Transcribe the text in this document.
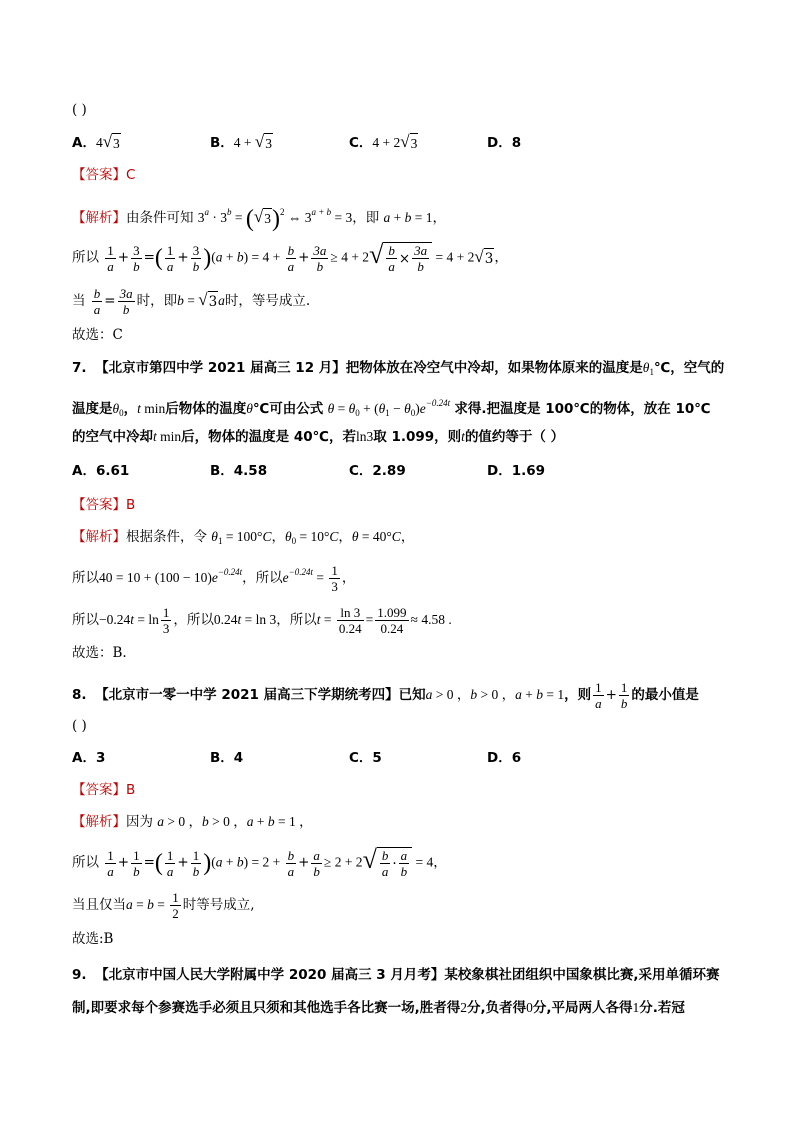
( )
A．4 √ 3	B．4 + √ 3	C．4 + 2 √ 3	D．8
【答案】C
【解析】由条件可知 $3^a \cdot 3^b$ = ( √ 3 )$^2$ ⇔ $3^{a + b} = 3$，即 a + b = 1，
所以 $\frac{1}{a} + \frac{3}{b}$ =( $\frac{1}{a} + \frac{3}{b} )(a + b) = 4 + \frac{b}{a} + \frac{3a}{b} \ge 4 + 2$ √ $\frac{b}{a} \times \frac{3a}{b} = 4 + 2$ √ 3 ，
当 $\frac{b}{a} = \frac{3a}{b}$ 时，即b = √ 3 a时，等号成立.
故选：C
7. 【北京市第四中学 2021 届高三 12 月】把物体放在冷空气中冷却，如果物体原来的温度是$\theta_1℃$，空气的
温度是$\theta_0$，t min后物体的温度θ℃可由公式 $\theta = \theta_0 + (\theta_1 - \theta_0)e^{-0.24t}$ 求得.把温度是 100℃的物体，放在 10℃
的空气中冷却t min后，物体的温度是 40℃，若ln3取 1.099，则t的值约等于（ ）
A．6.61	B．4.58	C．2.89	D．1.69
【答案】B
【解析】根据条件，令 $\theta_1 = 100^\circ C$，$\theta_0 = 10^\circ C$，θ = 40°C，
所以$40 = 10 + (100 - 10)e^{-0.24t}$，所以$e^{-0.24t} = \frac{1}{3}$ ，
所以$-0.24t = \ln \frac{1}{3}$ ，所以0.24t = ln 3，所以$t = \frac{\ln 3}{0.24} = \frac{1.099}{0.24} \approx 4.58$ .
故选：B.
8. 【北京市一零一中学 2021 届高三下学期统考四】已知a > 0 ，b > 0 ，a + b = 1，则 $\frac{1}{a} + \frac{1}{b}$ 的最小值是
( )
A．3	B．4	C．5	D．6
【答案】B
【解析】因为 a > 0 ，b > 0 ，a + b = 1 ，
所以 $\frac{1}{a} + \frac{1}{b}$ =( $\frac{1}{a} + \frac{1}{b} )(a + b) = 2 + \frac{b}{a} + \frac{a}{b} \ge 2 + 2$ √ $\frac{b}{a} \cdot \frac{a}{b} = 4$，
当且仅当$a = b = \frac{1}{2}$ 时等号成立,
故选:B
9. 【北京市中国人民大学附属中学 2020 届高三 3 月月考】某校象棋社团组织中国象棋比赛,采用单循环赛
制,即要求每个参赛选手必须且只须和其他选手各比赛一场,胜者得2分,负者得0分,平局两人各得1分.若冠
